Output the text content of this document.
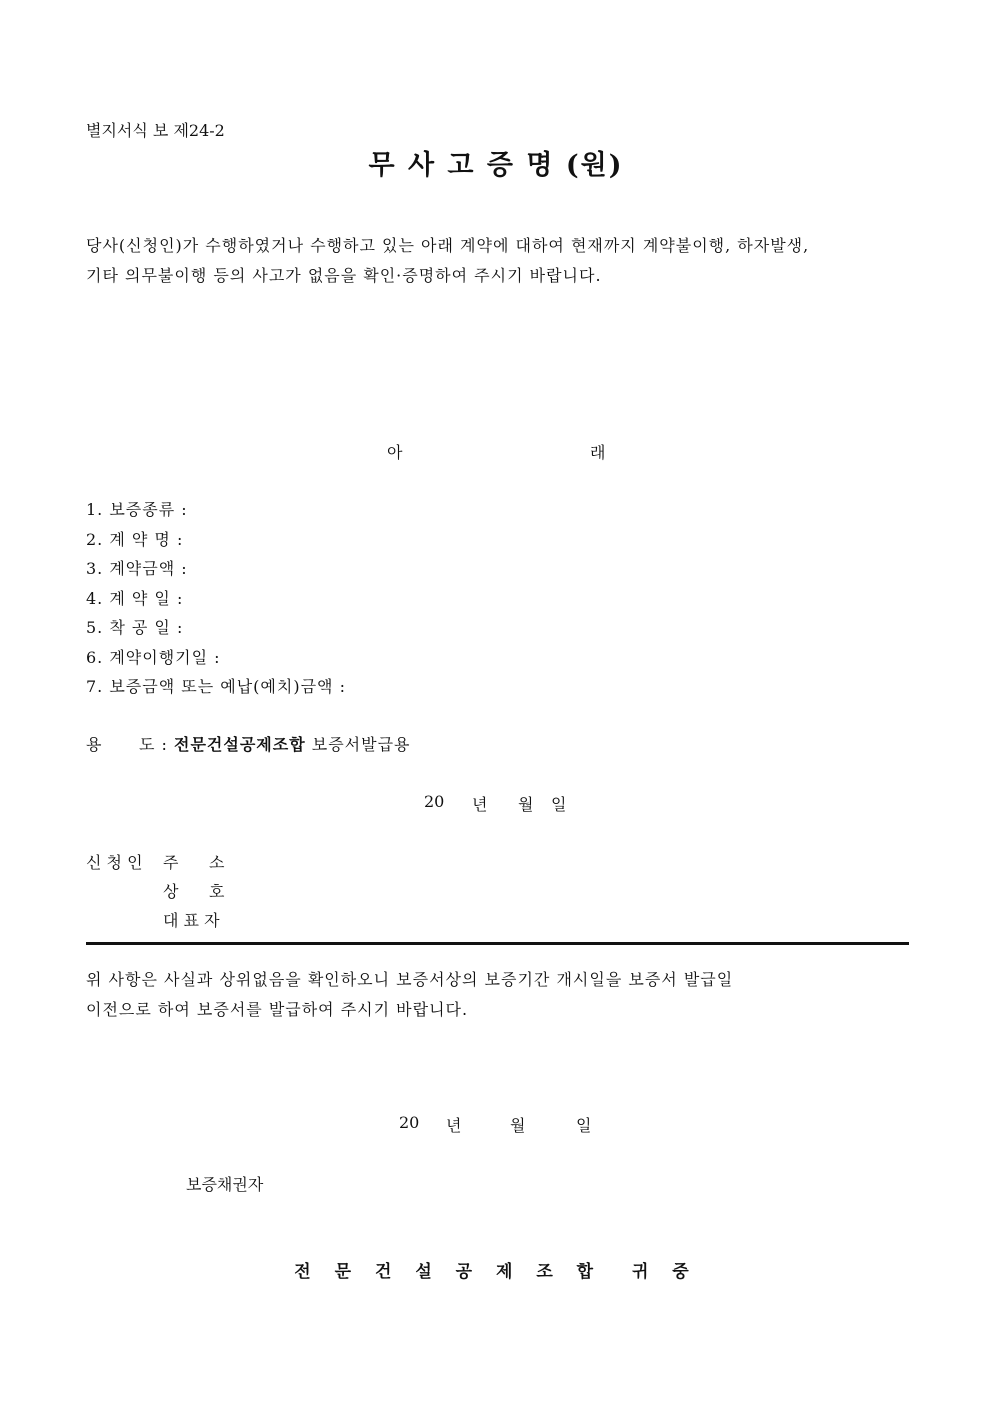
별지서식 보 제24-2
무 사 고 증 명 (원)
당사(신청인)가 수행하였거나 수행하고 있는 아래 계약에 대하여 현재까지 계약불이행, 하자발생,
기타 의무불이행 등의 사고가 없음을 확인·증명하여 주시기 바랍니다.
아	래
1. 보증종류 :
2. 계 약 명 :
3. 계약금액 :
4. 계 약 일 :
5. 착 공 일 :
6. 계약이행기일 :
7. 보증금액 또는 예납(예치)금액 :
용      도 : 전문건설공제조합 보증서발급용
20 년 월 일
신 청 인 주      소
상      호
대 표 자
위 사항은 사실과 상위없음을 확인하오니 보증서상의 보증기간 개시일을 보증서 발급일
이전으로 하여 보증서를 발급하여 주시기 바랍니다.
20 년	월	일
보증채권자
전 문 건 설 공 제 조 합  귀 중
